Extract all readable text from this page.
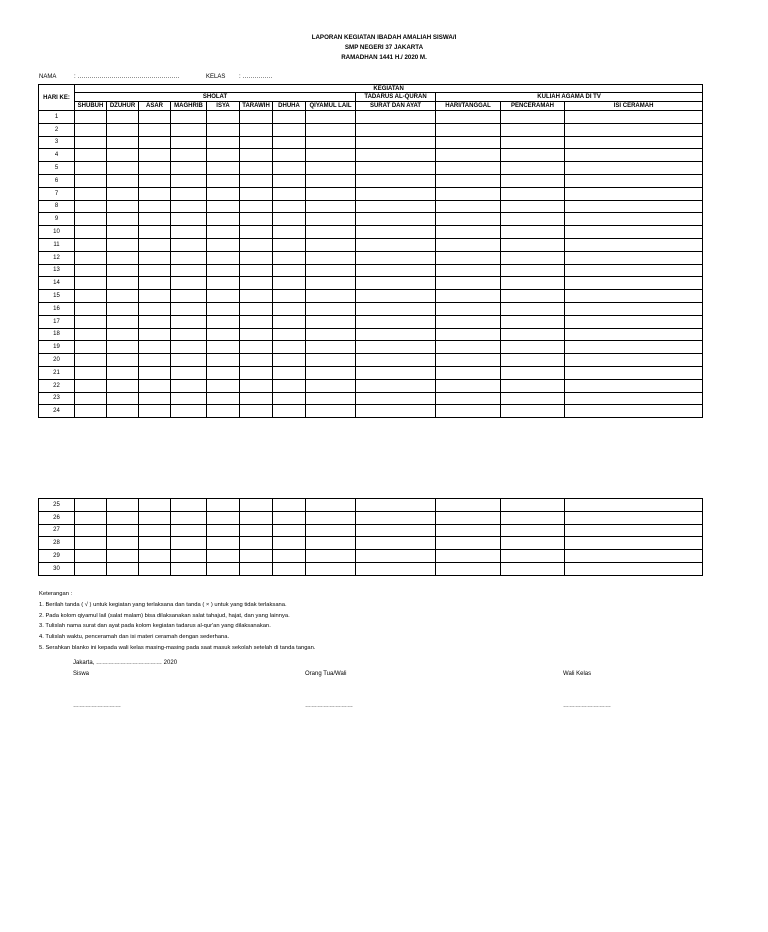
LAPORAN KEGIATAN IBADAH AMALIAH SISWA/I
SMP NEGERI 37 JAKARTA
RAMADHAN 1441 H./ 2020 M.
NAMA	: ……………………………………………	KELAS : ……………
HARI KE:	KEGIATAN											
	SHOLAT								TADARUS AL-QURAN	KULIAH AGAMA DI TV		
	SHUBUH	DZUHUR	ASAR	MAGHRIB	ISYA	TARAWIH	DHUHA	QIYAMUL LAIL	SURAT DAN AYAT	HARI/TANGGAL	PENCERAMAH	ISI CERAMAH
1												
2												
3												
4												
5												
6												
7												
8												
9												
10												
11												
12												
13												
14												
15												
16												
17												
18												
19												
20												
21												
22												
23												
24												
25												
26												
27												
28												
29												
30												
Keterangan :
1. Berilah tanda ( √ ) untuk kegiatan yang terlaksana dan tanda ( × ) untuk yang tidak terlaksana.
2. Pada kolom qiyamul lail (salat malam) bisa dilaksanakan salat tahajud, hajat, dan yang lainnya.
3. Tulislah nama surat dan ayat pada kolom kegiatan tadarus al-qur'an yang dilaksanakan.
4. Tulislah waktu, penceramah dan isi materi ceramah dengan sederhana.
5. Serahkan blanko ini kepada wali kelas masing-masing pada saat masuk sekolah setelah di tanda tangan.
Jakarta, …………………………… 2020
Siswa	Orang Tua/Wali	Wali Kelas
……………………	……………………	……………………
